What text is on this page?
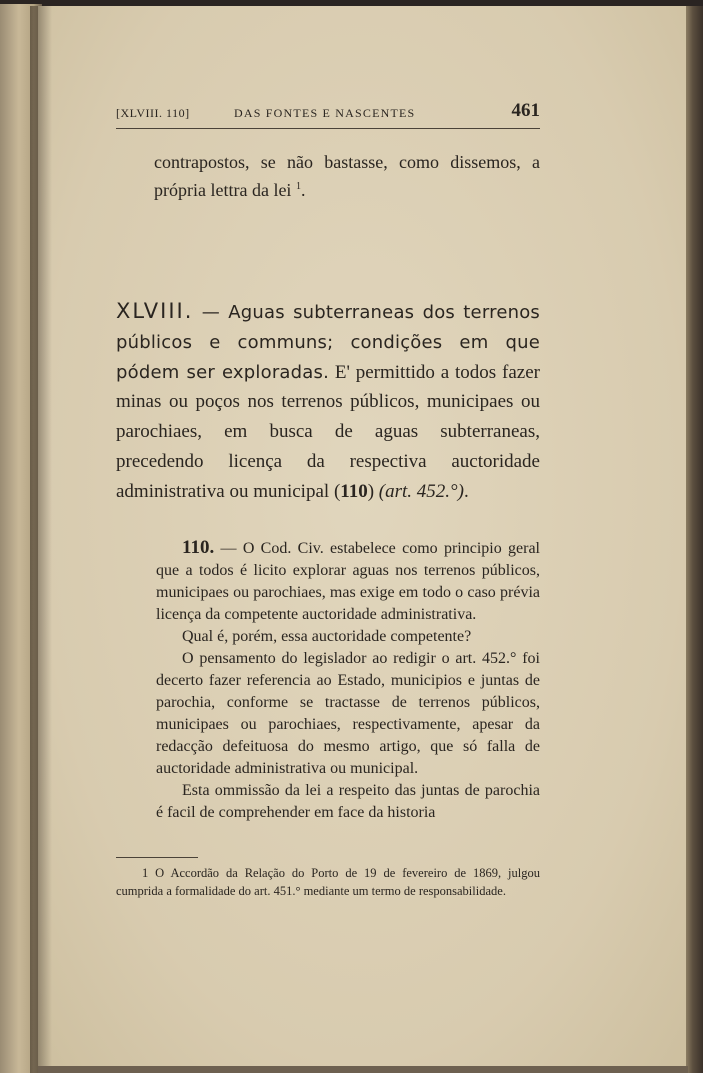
[XLVIII. 110]	DAS FONTES E NASCENTES	461
contrapostos, se não bastasse, como dissemos, a própria lettra da lei $^1$.
XLVIII. — Aguas subterraneas dos terrenos públicos e communs; condições em que pódem ser exploradas. E' permittido a todos fazer minas ou poços nos terrenos públicos, municipaes ou parochiaes, em busca de aguas subterraneas, precedendo licença da respectiva auctoridade administrativa ou municipal (110) (art. 452.°).

110. — O Cod. Civ. estabelece como principio geral que a todos é licito explorar aguas nos terrenos públicos, municipaes ou parochiaes, mas exige em todo o caso prévia licença da competente auctoridade administrativa.

Qual é, porém, essa auctoridade competente?

O pensamento do legislador ao redigir o art. 452.° foi decerto fazer referencia ao Estado, municipios e juntas de parochia, conforme se tractasse de terrenos públicos, municipaes ou parochiaes, respectivamente, apesar da redacção defeituosa do mesmo artigo, que só falla de auctoridade administrativa ou municipal.

Esta ommissão da lei a respeito das juntas de parochia é facil de comprehender em face da historia

1 O Accordão da Relação do Porto de 19 de fevereiro de 1869, julgou cumprida a formalidade do art. 451.° mediante um termo de responsabilidade.
